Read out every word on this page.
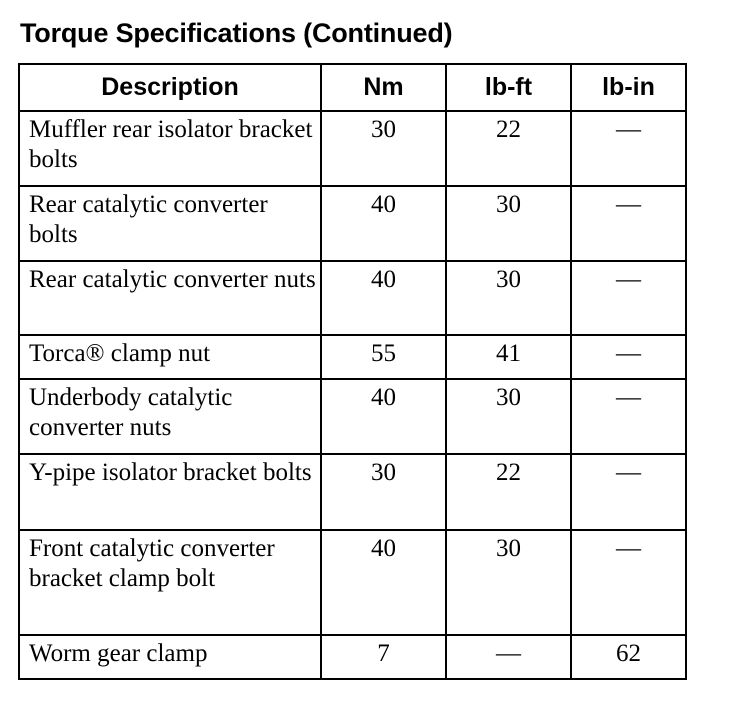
Torque Specifications (Continued)
Description	Nm	lb-ft	lb-in
Muffler rear isolator bracket bolts	30	22	—
Rear catalytic converter bolts	40	30	—
Rear catalytic converter nuts	40	30	—
Torca® clamp nut	55	41	—
Underbody catalytic converter nuts	40	30	—
Y-pipe isolator bracket bolts	30	22	—
Front catalytic converter bracket clamp bolt	40	30	—
Worm gear clamp	7	—	62
